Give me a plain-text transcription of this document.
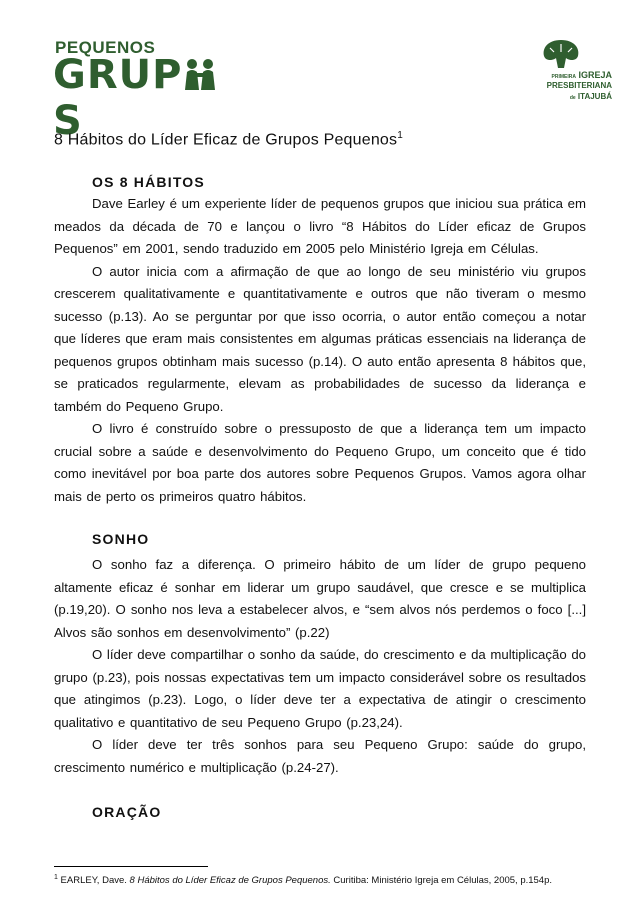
PEQUENOS
GRUPS
PRIMEIRA IGREJA
PRESBITERIANA
de ITAJUBÁ
8 Hábitos do Líder Eficaz de Grupos Pequenos$^1$
OS 8 HÁBITOS

Dave Earley é um experiente líder de pequenos grupos que iniciou sua prática em meados da década de 70 e lançou o livro “8 Hábitos do Líder eficaz de Grupos Pequenos” em 2001, sendo traduzido em 2005 pelo Ministério Igreja em Células.

O autor inicia com a afirmação de que ao longo de seu ministério viu grupos crescerem qualitativamente e quantitativamente e outros que não tiveram o mesmo sucesso (p.13). Ao se perguntar por que isso ocorria, o autor então começou a notar que líderes que eram mais consistentes em algumas práticas essenciais na liderança de pequenos grupos obtinham mais sucesso (p.14). O auto então apresenta 8 hábitos que, se praticados regularmente, elevam as probabilidades de sucesso da liderança e também do Pequeno Grupo.

O livro é construído sobre o pressuposto de que a liderança tem um impacto crucial sobre a saúde e desenvolvimento do Pequeno Grupo, um conceito que é tido como inevitável por boa parte dos autores sobre Pequenos Grupos. Vamos agora olhar mais de perto os primeiros quatro hábitos.

SONHO

O sonho faz a diferença. O primeiro hábito de um líder de grupo pequeno altamente eficaz é sonhar em liderar um grupo saudável, que cresce e se multiplica (p.19,20). O sonho nos leva a estabelecer alvos, e “sem alvos nós perdemos o foco [...] Alvos são sonhos em desenvolvimento” (p.22)

O líder deve compartilhar o sonho da saúde, do crescimento e da multiplicação do grupo (p.23), pois nossas expectativas tem um impacto considerável sobre os resultados que atingimos (p.23). Logo, o líder deve ter a expectativa de atingir o crescimento qualitativo e quantitativo de seu Pequeno Grupo (p.23,24).

O líder deve ter três sonhos para seu Pequeno Grupo: saúde do grupo, crescimento numérico e multiplicação (p.24-27).

ORAÇÃO
$^1$ EARLEY, Dave. 8 Hábitos do Líder Eficaz de Grupos Pequenos. Curitiba: Ministério Igreja em Células, 2005, p.154p.
